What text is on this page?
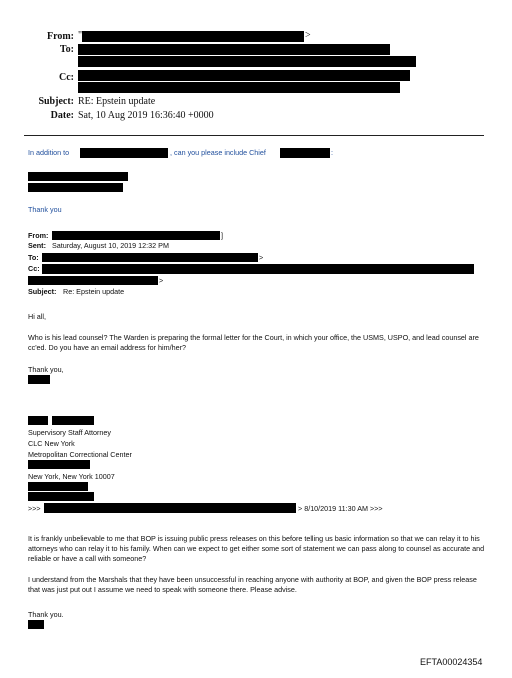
From: "	>
To:
Cc:
Subject: RE: Epstein update
Date: Sat, 10 Aug 2019 16:36:40 +0000
In addition to	, can you please include Chief	:
Thank you
From:	]
Sent: Saturday, August 10, 2019 12:32 PM
To:	>
Cc:
>
Subject: Re: Epstein update
Hi all,
Who is his lead counsel? The Warden is preparing the formal letter for the Court, in which your office, the USMS, USPO, and lead counsel are cc'ed. Do you have an email address for him/her?
Thank you,
Supervisory Staff Attorney
CLC New York
Metropolitan Correctional Center
New York, New York 10007
>>>	> 8/10/2019 11:30 AM >>>
It is frankly unbelievable to me that BOP is issuing public press releases on this before telling us basic information so that we can relay it to his attorneys who can relay it to his family. When can we expect to get either some sort of statement we can pass along to counsel as accurate and reliable or have a call with someone?
I understand from the Marshals that they have been unsuccessful in reaching anyone with authority at BOP, and given the BOP press release that was just put out I assume we need to speak with someone there. Please advise.
Thank you.
EFTA00024354
